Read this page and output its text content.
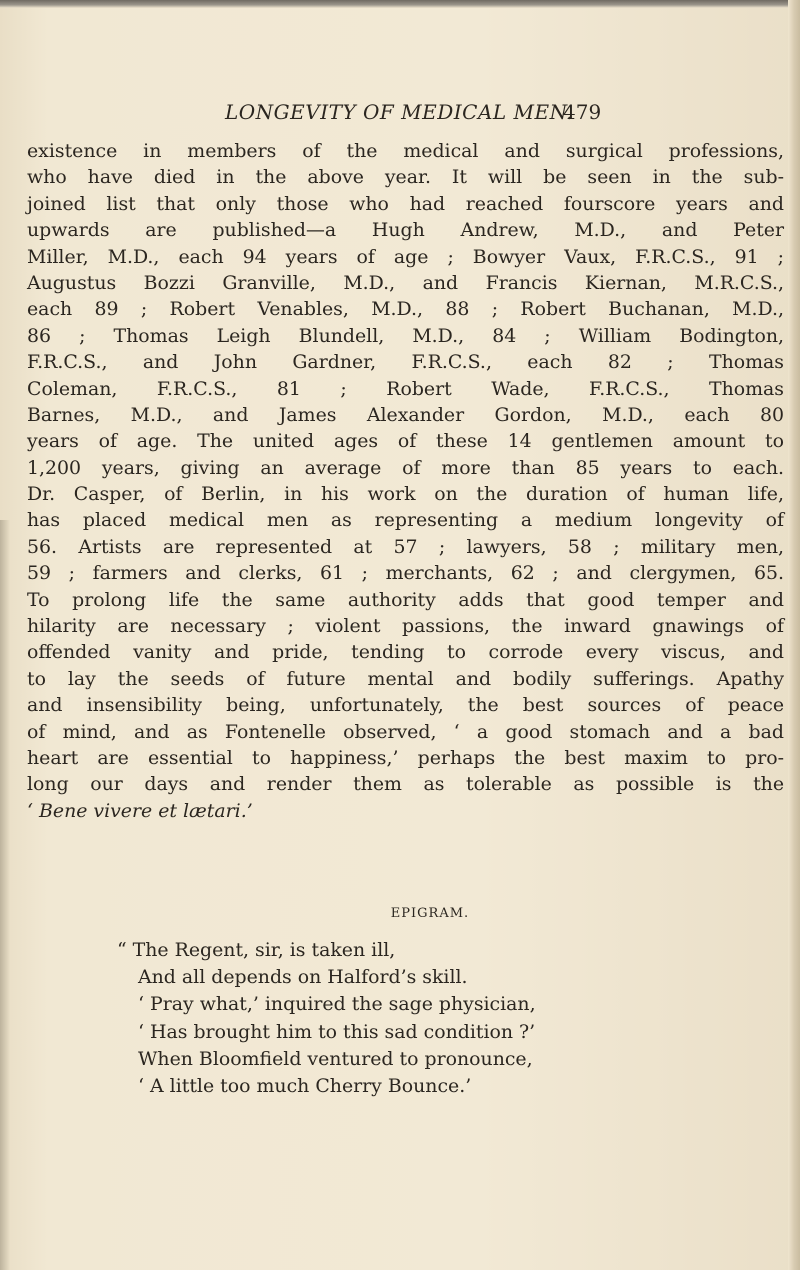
LONGEVITY OF MEDICAL MEN.
479
existence in members of the medical and surgical professions,
who have died in the above year. It will be seen in the sub-
joined list that only those who had reached fourscore years and
upwards are published—a Hugh Andrew, M.D., and Peter
Miller, M.D., each 94 years of age ; Bowyer Vaux, F.R.C.S., 91 ;
Augustus Bozzi Granville, M.D., and Francis Kiernan, M.R.C.S.,
each 89 ; Robert Venables, M.D., 88 ; Robert Buchanan, M.D.,
86 ; Thomas Leigh Blundell, M.D., 84 ; William Bodington,
F.R.C.S., and John Gardner, F.R.C.S., each 82 ; Thomas
Coleman, F.R.C.S., 81 ; Robert Wade, F.R.C.S., Thomas
Barnes, M.D., and James Alexander Gordon, M.D., each 80
years of age. The united ages of these 14 gentlemen amount to
1,200 years, giving an average of more than 85 years to each.
Dr. Casper, of Berlin, in his work on the duration of human life,
has placed medical men as representing a medium longevity of
56. Artists are represented at 57 ; lawyers, 58 ; military men,
59 ; farmers and clerks, 61 ; merchants, 62 ; and clergymen, 65.
To prolong life the same authority adds that good temper and
hilarity are necessary ; violent passions, the inward gnawings of
offended vanity and pride, tending to corrode every viscus, and
to lay the seeds of future mental and bodily sufferings. Apathy
and insensibility being, unfortunately, the best sources of peace
of mind, and as Fontenelle observed, ‘ a good stomach and a bad
heart are essential to happiness,’ perhaps the best maxim to pro-
long our days and render them as tolerable as possible is the
‘ Bene vivere et lætari.’
EPIGRAM.
“ The Regent, sir, is taken ill,
And all depends on Halford’s skill.
‘ Pray what,’ inquired the sage physician,
‘ Has brought him to this sad condition ?’
When Bloomfield ventured to pronounce,
‘ A little too much Cherry Bounce.’
